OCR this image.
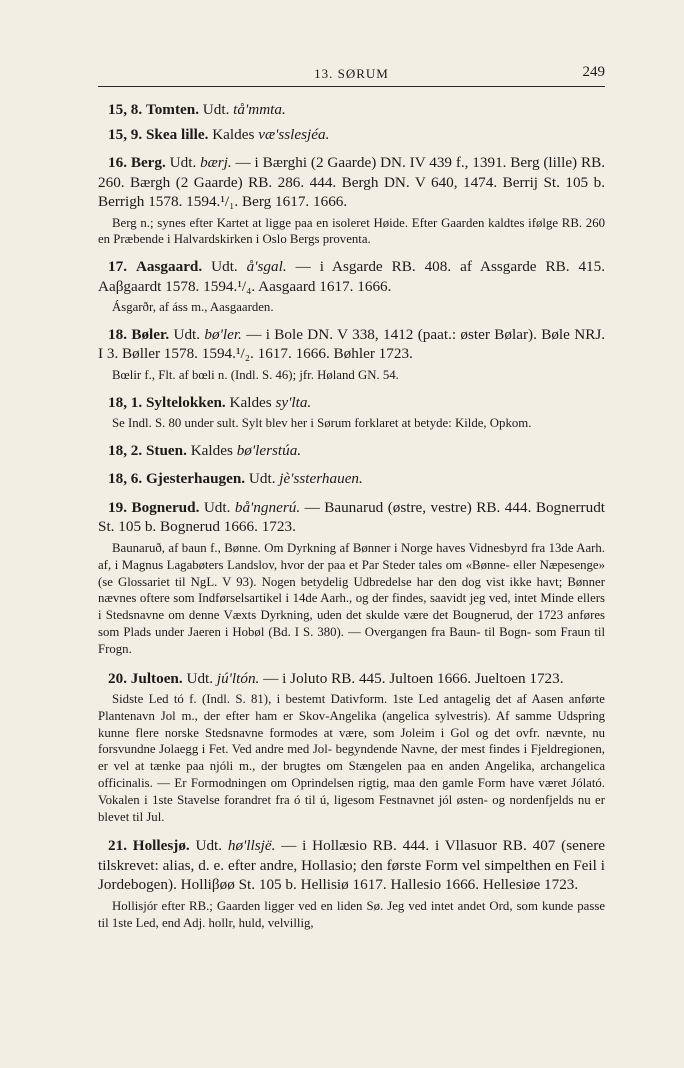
13. SØRUM	249

15, 8. Tomten. Udt. tå'mmta.

15, 9. Skea lille. Kaldes væ'sslesjéa.

16. Berg. Udt. bærj. — i Bærghi (2 Gaarde) DN. IV 439 f., 1391. Berg (lille) RB. 260. Bærgh (2 Gaarde) RB. 286. 444. Bergh DN. V 640, 1474. Berrij St. 105 b. Berrigh 1578. 1594.¹/₁. Berg 1617. 1666.

Berg n.; synes efter Kartet at ligge paa en isoleret Høide. Efter Gaarden kaldtes ifølge RB. 260 en Præbende i Halvardskirken i Oslo Bergs proventa.

17. Aasgaard. Udt. å'sgal. — i Asgarde RB. 408. af Assgarde RB. 415. Aaβgaardt 1578. 1594.¹/₄. Aasgaard 1617. 1666.

Ásgarðr, af áss m., Aasgaarden.

18. Bøler. Udt. bø'ler. — i Bole DN. V 338, 1412 (paat.: øster Bølar). Bøle NRJ. I 3. Bøller 1578. 1594.¹/₂. 1617. 1666. Bøhler 1723.

Bœlir f., Flt. af bœli n. (Indl. S. 46); jfr. Høland GN. 54.

18, 1. Syltelokken. Kaldes sy'lta.

Se Indl. S. 80 under sult. Sylt blev her i Sørum forklaret at betyde: Kilde, Opkom.

18, 2. Stuen. Kaldes bø'lerstúa.

18, 6. Gjesterhaugen. Udt. jè'ssterhauen.

19. Bognerud. Udt. bå'ngnerú. — Baunarud (østre, vestre) RB. 444. Bognerrudt St. 105 b. Bognerud 1666. 1723.

Baunaruð, af baun f., Bønne. Om Dyrkning af Bønner i Norge haves Vidnesbyrd fra 13de Aarh. af, i Magnus Lagabøters Landslov, hvor der paa et Par Steder tales om «Bønne- eller Næpesenge» (se Glossariet til NgL. V 93). Nogen betydelig Udbredelse har den dog vist ikke havt; Bønner nævnes oftere som Indførselsartikel i 14de Aarh., og der findes, saavidt jeg ved, intet Minde ellers i Stedsnavne om denne Væxts Dyrkning, uden det skulde være det Bougnerud, der 1723 anføres som Plads under Jaeren i Hobøl (Bd. I S. 380). — Overgangen fra Baun- til Bogn- som Fraun til Frogn.

20. Jultoen. Udt. jú'ltón. — i Joluto RB. 445. Jultoen 1666. Jueltoen 1723.

Sidste Led tó f. (Indl. S. 81), i bestemt Dativform. 1ste Led antagelig det af Aasen anførte Plantenavn Jol m., der efter ham er Skov-Angelika (angelica sylvestris). Af samme Udspring kunne flere norske Stedsnavne formodes at være, som Joleim i Gol og det ovfr. nævnte, nu forsvundne Jolaegg i Fet. Ved andre med Jol- begyndende Navne, der mest findes i Fjeldregionen, er vel at tænke paa njóli m., der brugtes om Stængelen paa en anden Angelika, archangelica officinalis. — Er Formodningen om Oprindelsen rigtig, maa den gamle Form have været Jólató. Vokalen i 1ste Stavelse forandret fra ó til ú, ligesom Festnavnet jól østen- og nordenfjelds nu er blevet til Jul.

21. Hollesjø. Udt. hø'llsjë. — i Hollæsio RB. 444. i Vllasuor RB. 407 (senere tilskrevet: alias, d. e. efter andre, Hollasio; den første Form vel simpelthen en Feil i Jordebogen). Holliβøø St. 105 b. Hellisiø 1617. Hallesio 1666. Hellesiøe 1723.

Hollisjór efter RB.; Gaarden ligger ved en liden Sø. Jeg ved intet andet Ord, som kunde passe til 1ste Led, end Adj. hollr, huld, velvillig,
